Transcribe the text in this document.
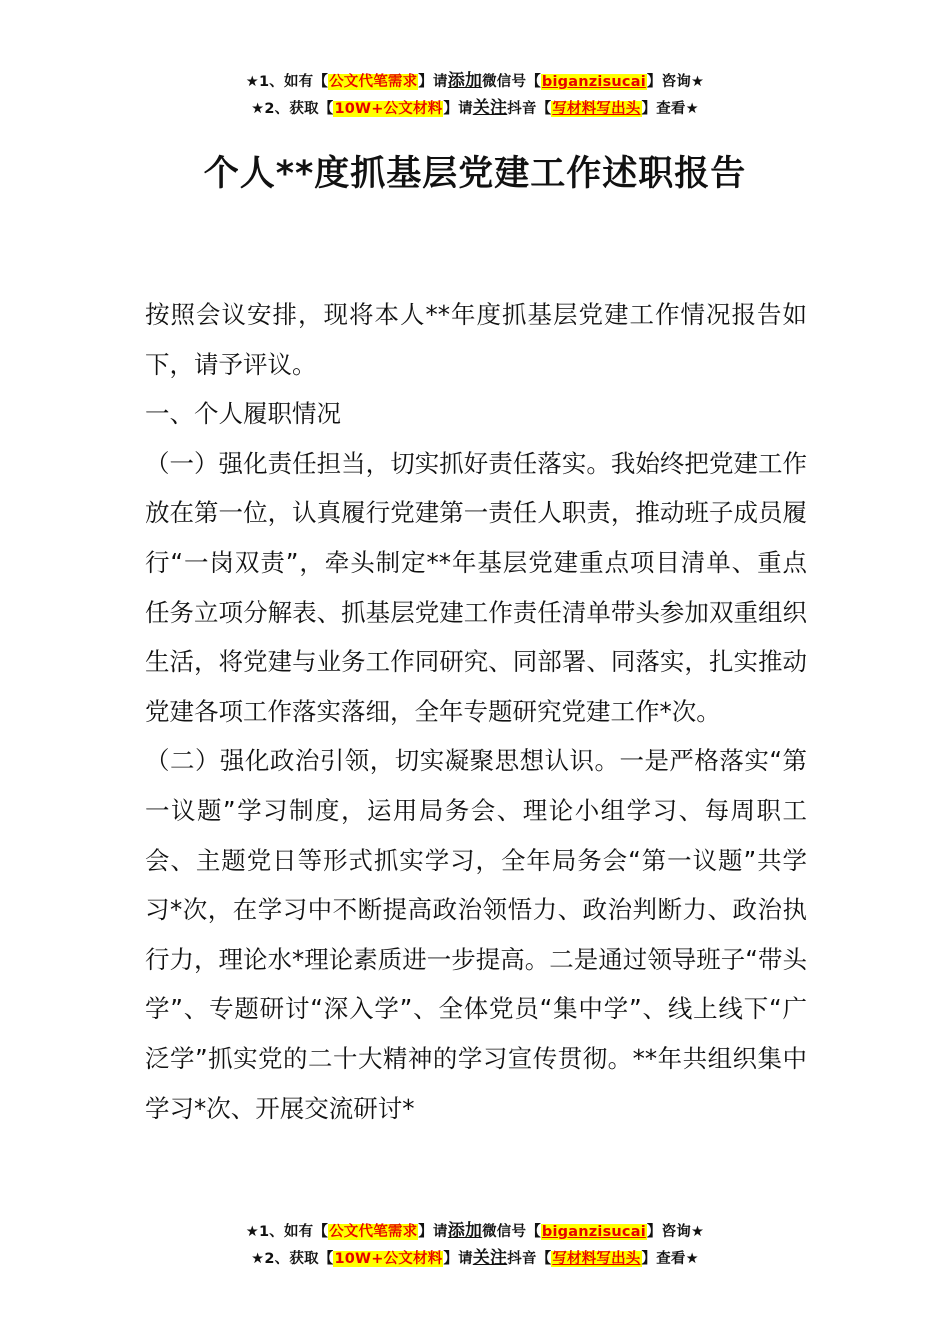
★1、如有【公文代笔需求】请添加微信号【biganzisucai】咨询★
★2、获取【10W+公文材料】请关注抖音【写材料写出头】查看★
个人**度抓基层党建工作述职报告

按照会议安排，现将本人**年度抓基层党建工作情况报告如下，请予评议。

一、个人履职情况

（一）强化责任担当，切实抓好责任落实。我始终把党建工作放在第一位，认真履行党建第一责任人职责，推动班子成员履行“一岗双责”，牵头制定**年基层党建重点项目清单、重点任务立项分解表、抓基层党建工作责任清单带头参加双重组织生活，将党建与业务工作同研究、同部署、同落实，扎实推动党建各项工作落实落细，全年专题研究党建工作*次。

（二）强化政治引领，切实凝聚思想认识。一是严格落实“第一议题”学习制度，运用局务会、理论小组学习、每周职工会、主题党日等形式抓实学习，全年局务会“第一议题”共学习*次，在学习中不断提高政治领悟力、政治判断力、政治执行力，理论水*理论素质进一步提高。二是通过领导班子“带头学”、专题研讨“深入学”、全体党员“集中学”、线上线下“广泛学”抓实党的二十大精神的学习宣传贯彻。**年共组织集中学习*次、开展交流研讨*

★1、如有【公文代笔需求】请添加微信号【biganzisucai】咨询★
★2、获取【10W+公文材料】请关注抖音【写材料写出头】查看★
